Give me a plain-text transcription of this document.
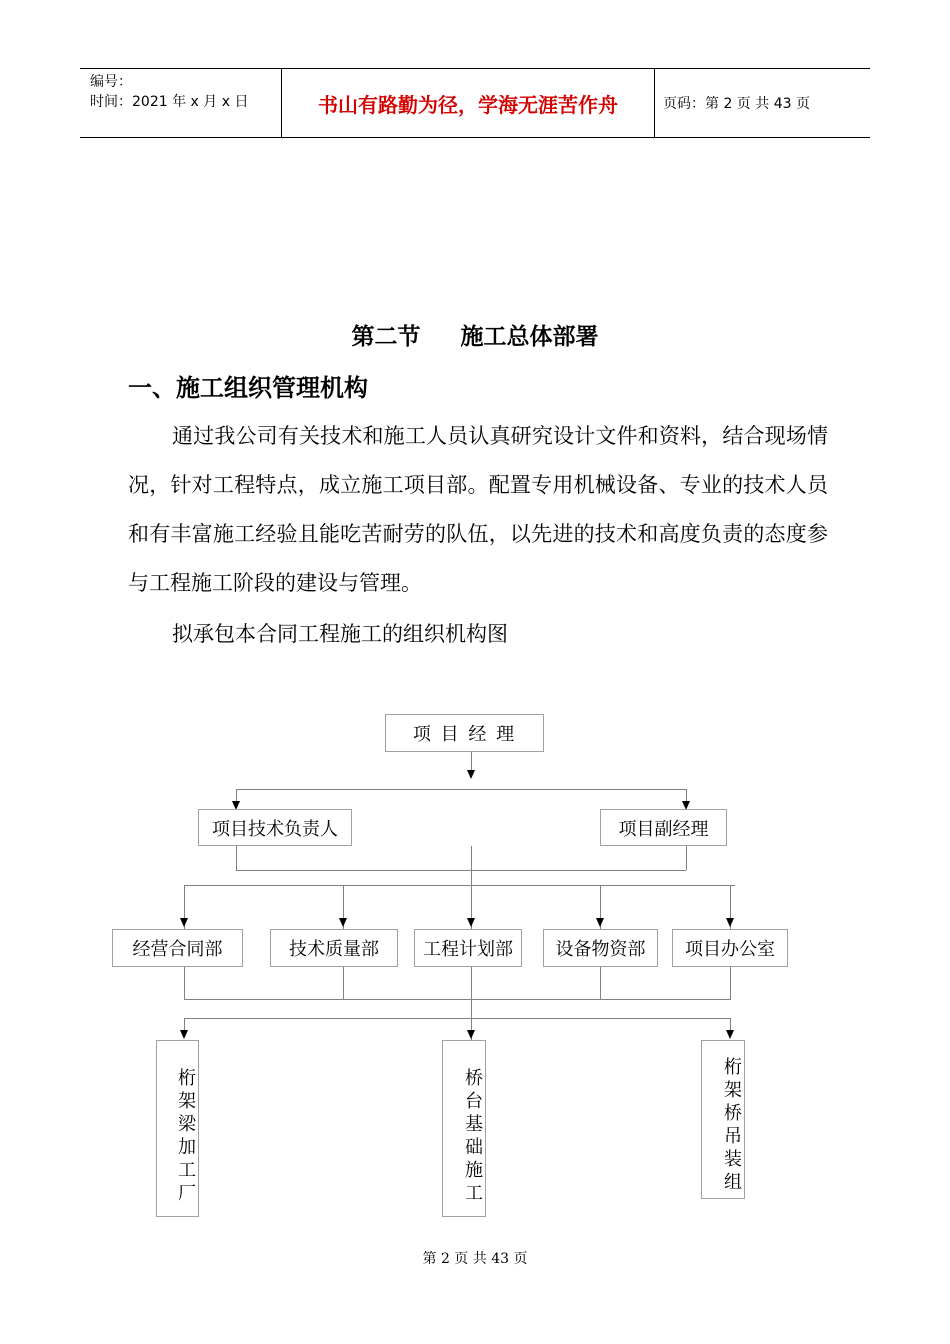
编号：
时间：2021 年 x 月 x 日	书山有路勤为径，学海无涯苦作舟	页码：第 2 页 共 43 页
第二节 施工总体部署
一、施工组织管理机构
通过我公司有关技术和施工人员认真研究设计文件和资料，结合现场情况，针对工程特点，成立施工项目部。配置专用机械设备、专业的技术人员和有丰富施工经验且能吃苦耐劳的队伍，以先进的技术和高度负责的态度参与工程施工阶段的建设与管理。
拟承包本合同工程施工的组织机构图
项 目 经 理
项目技术负责人	项目副经理
经营合同部	技术质量部	工程计划部	设备物资部	项目办公室
桁架梁加工厂	桥台基础施工	桁架桥吊装组
第 2 页 共 43 页
